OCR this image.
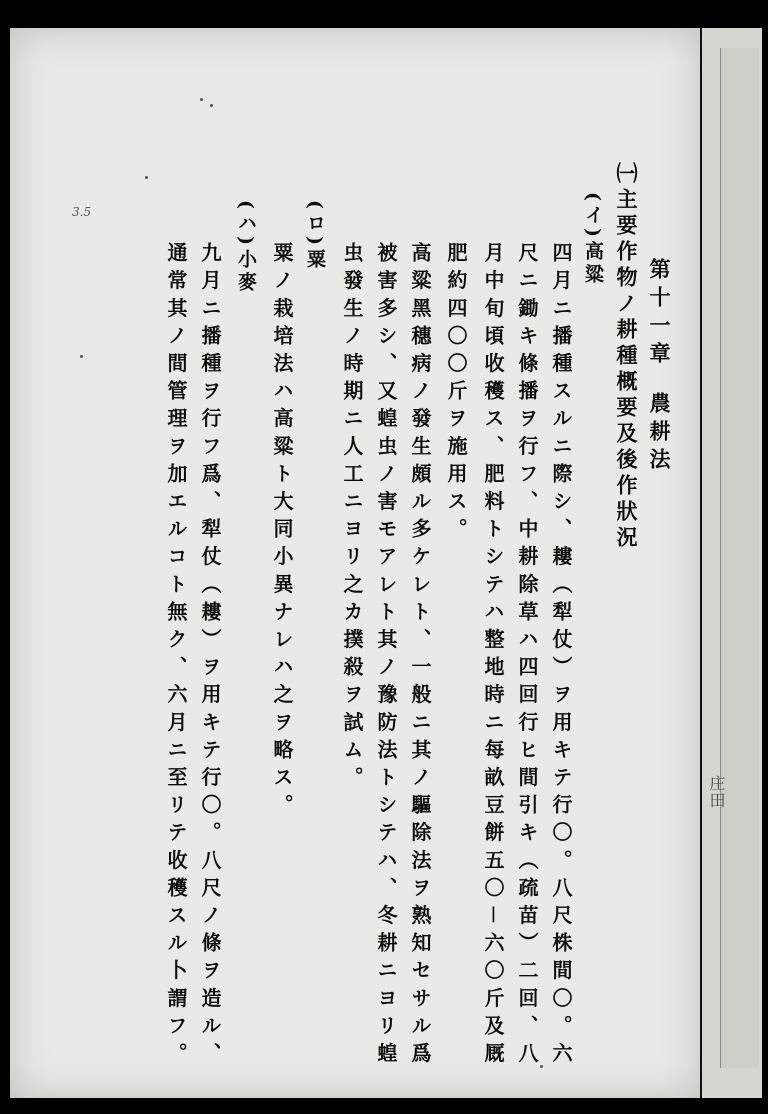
庄田
3.5
第十一章農耕法
㈠主要作物ノ耕種概要及後作狀況
(イ)高粱
四月ニ播種スルニ際シ、耬（犁仗）ヲ用キテ行〇。八尺株間〇。六
尺ニ鋤キ條播ヲ行フ、中耕除草ハ四回行ヒ間引キ（疏苗）二回、八
月中旬頃收穫ス、肥料トシテハ整地時ニ每畝豆餅五〇－六〇斤及厩
肥約四〇〇斤ヲ施用ス。
高粱黑穗病ノ發生頗ル多ケレト、一般ニ其ノ驅除法ヲ熟知セサル爲
被害多シ、又蝗虫ノ害モアレト其ノ豫防法トシテハ、冬耕ニヨリ蝗
虫發生ノ時期ニ人工ニヨリ之カ撲殺ヲ試ム。
(ロ)粟
粟ノ栽培法ハ高粱ト大同小異ナレハ之ヲ略ス。
(ハ)小麥
九月ニ播種ヲ行フ爲、犁仗（耬）ヲ用キテ行〇。八尺ノ條ヲ造ル、
通常其ノ間管理ヲ加エルコト無ク、六月ニ至リテ收穫スル卜謂フ。
